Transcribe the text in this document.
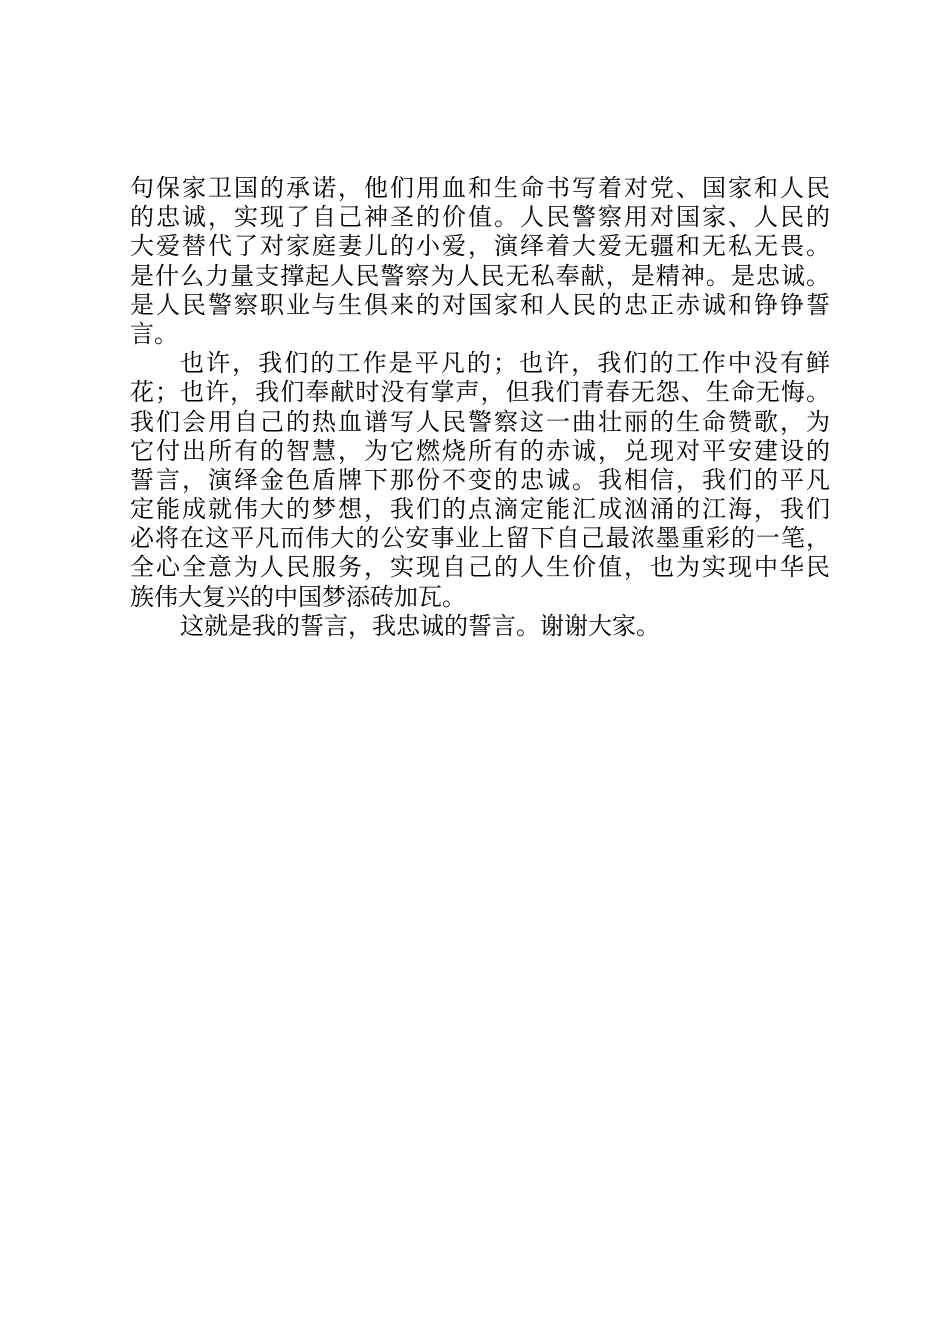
句保家卫国的承诺，他们用血和生命书写着对党、国家和人民
的忠诚，实现了自己神圣的价值。人民警察用对国家、人民的
大爱替代了对家庭妻儿的小爱，演绎着大爱无疆和无私无畏。
是什么力量支撑起人民警察为人民无私奉献，是精神。是忠诚。
是人民警察职业与生俱来的对国家和人民的忠正赤诚和铮铮誓
言。
也许，我们的工作是平凡的；也许，我们的工作中没有鲜
花；也许，我们奉献时没有掌声，但我们青春无怨、生命无悔。
我们会用自己的热血谱写人民警察这一曲壮丽的生命赞歌，为
它付出所有的智慧，为它燃烧所有的赤诚，兑现对平安建设的
誓言，演绎金色盾牌下那份不变的忠诚。我相信，我们的平凡
定能成就伟大的梦想，我们的点滴定能汇成汹涌的江海，我们
必将在这平凡而伟大的公安事业上留下自己最浓墨重彩的一笔，
全心全意为人民服务，实现自己的人生价值，也为实现中华民
族伟大复兴的中国梦添砖加瓦。
这就是我的誓言，我忠诚的誓言。谢谢大家。
